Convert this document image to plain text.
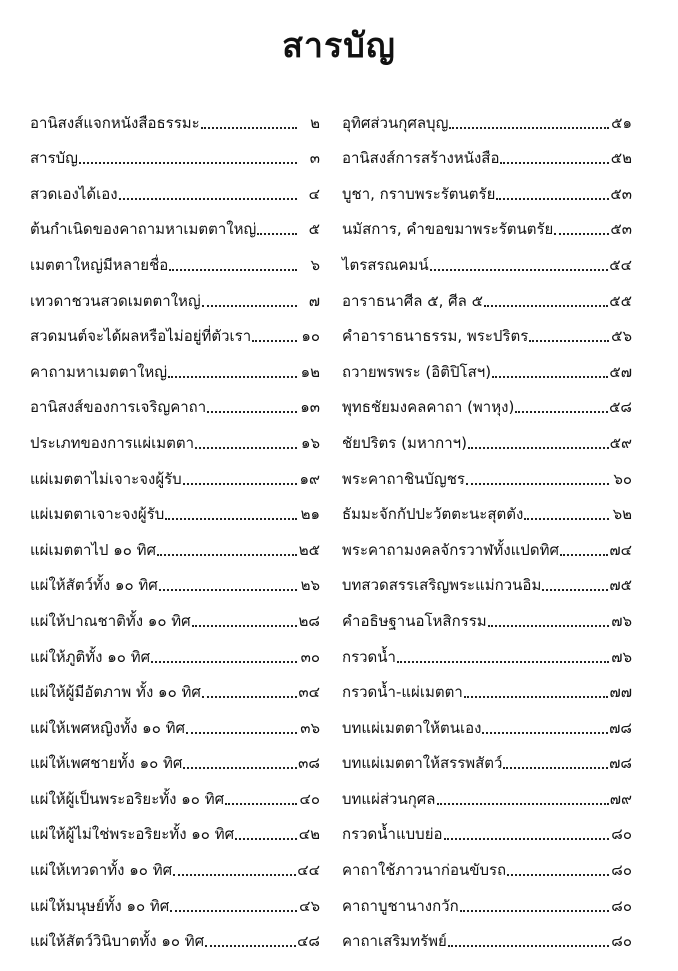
สารบัญ
อานิสงส์แจกหนังสือธรรมะ	๒
สารบัญ	๓
สวดเองได้เอง	๔
ต้นกำเนิดของคาถามหาเมตตาใหญ่	๕
เมตตาใหญ่มีหลายชื่อ	๖
เทวดาชวนสวดเมตตาใหญ่	๗
สวดมนต์จะได้ผลหรือไม่อยู่ที่ตัวเรา	๑๐
คาถามหาเมตตาใหญ่	๑๒
อานิสงส์ของการเจริญคาถา	๑๓
ประเภทของการแผ่เมตตา	๑๖
แผ่เมตตาไม่เจาะจงผู้รับ	๑๙
แผ่เมตตาเจาะจงผู้รับ	๒๑
แผ่เมตตาไป ๑๐ ทิศ	๒๕
แผ่ให้สัตว์ทั้ง ๑๐ ทิศ	๒๖
แผ่ให้ปาณชาติทั้ง ๑๐ ทิศ	๒๘
แผ่ให้ภูติทั้ง ๑๐ ทิศ	๓๐
แผ่ให้ผู้มีอัตภาพ ทั้ง ๑๐ ทิศ	๓๔
แผ่ให้เพศหญิงทั้ง ๑๐ ทิศ	๓๖
แผ่ให้เพศชายทั้ง ๑๐ ทิศ	๓๘
แผ่ให้ผู้เป็นพระอริยะทั้ง ๑๐ ทิศ	๔๐
แผ่ให้ผู้ไม่ใช่พระอริยะทั้ง ๑๐ ทิศ	๔๒
แผ่ให้เทวดาทั้ง ๑๐ ทิศ	๔๔
แผ่ให้มนุษย์ทั้ง ๑๐ ทิศ	๔๖
แผ่ให้สัตว์วินิบาตทั้ง ๑๐ ทิศ	๔๘
อุทิศส่วนกุศลบุญ	๕๑
อานิสงส์การสร้างหนังสือ	๕๒
บูชา, กราบพระรัตนตรัย	๕๓
นมัสการ, คำขอขมาพระรัตนตรัย	๕๓
ไตรสรณคมน์	๕๔
อาราธนาศีล ๕, ศีล ๕	๕๕
คำอาราธนาธรรม, พระปริตร	๕๖
ถวายพรพระ (อิติปิโสฯ)	๕๗
พุทธชัยมงคลคาถา (พาหุง)	๕๘
ชัยปริตร (มหากาฯ)	๕๙
พระคาถาชินบัญชร	๖๐
ธัมมะจักกัปปะวัตตะนะสุตตัง	๖๒
พระคาถามงคลจักรวาฬทั้งแปดทิศ	๗๔
บทสวดสรรเสริญพระแม่กวนอิม	๗๕
คำอธิษฐานอโหสิกรรม	๗๖
กรวดน้ำ	๗๖
กรวดน้ำ-แผ่เมตตา	๗๗
บทแผ่เมตตาให้ตนเอง	๗๘
บทแผ่เมตตาให้สรรพสัตว์	๗๘
บทแผ่ส่วนกุศล	๗๙
กรวดน้ำแบบย่อ	๘๐
คาถาใช้ภาวนาก่อนขับรถ	๘๐
คาถาบูชานางกวัก	๘๐
คาถาเสริมทรัพย์	๘๐
